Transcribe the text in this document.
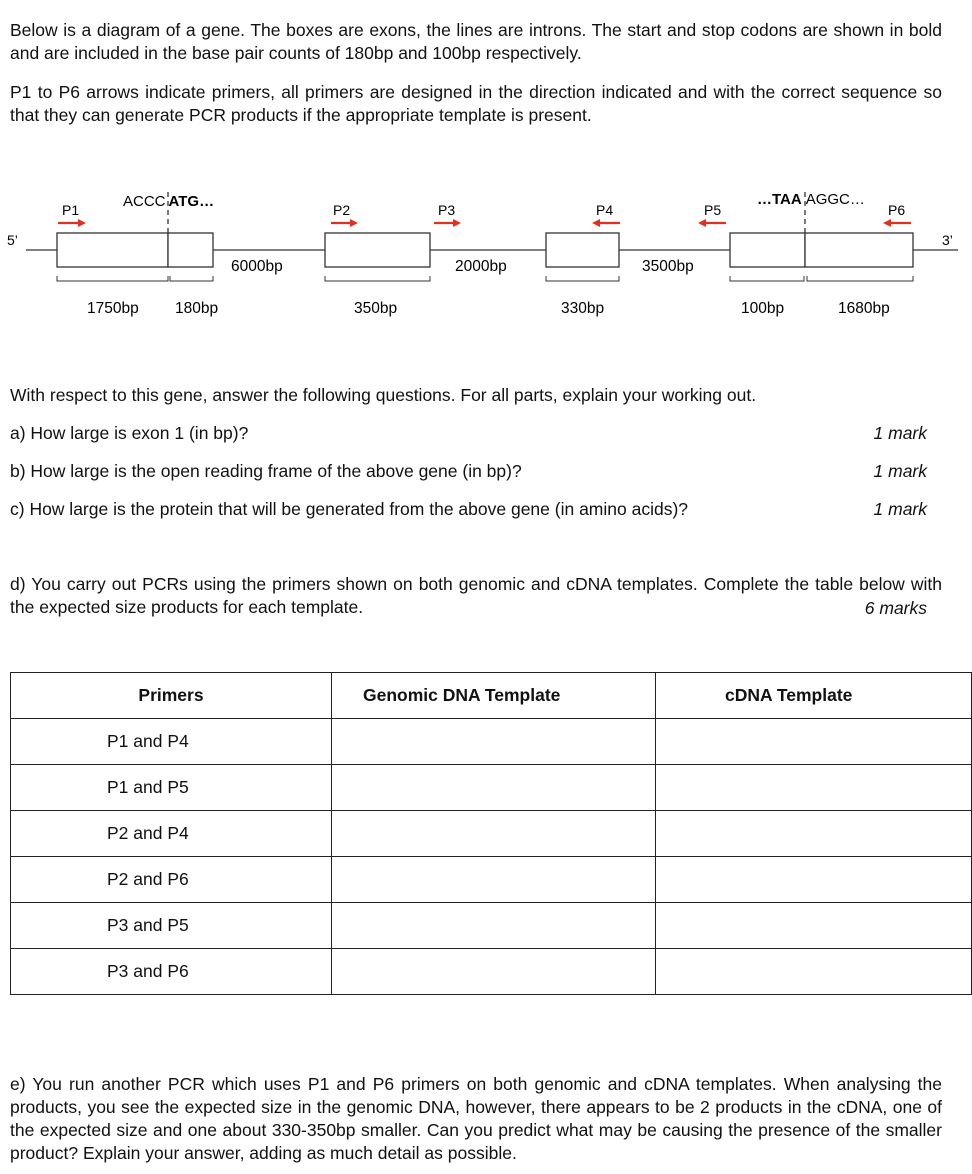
Below is a diagram of a gene. The boxes are exons, the lines are introns. The start and stop codons are shown in bold and are included in the base pair counts of 180bp and 100bp respectively.
P1 to P6 arrows indicate primers, all primers are designed in the direction indicated and with the correct sequence so that they can generate PCR products if the appropriate template is present.
P1	P2	P3	P4	P5	P6
ACCC ATG…	…TAA AGGC…
5’	3’
6000bp	2000bp	3500bp
1750bp 180bp	350bp	330bp	100bp	1680bp
With respect to this gene, answer the following questions. For all parts, explain your working out.
a) How large is exon 1 (in bp)?	1 mark
b) How large is the open reading frame of the above gene (in bp)?	1 mark
c) How large is the protein that will be generated from the above gene (in amino acids)?	1 mark
d) You carry out PCRs using the primers shown on both genomic and cDNA templates. Complete the table below with the expected size products for each template.	6 marks
Primers	Genomic DNA Template	cDNA Template
P1 and P4		
P1 and P5		
P2 and P4		
P2 and P6		
P3 and P5		
P3 and P6		
e) You run another PCR which uses P1 and P6 primers on both genomic and cDNA templates. When analysing the products, you see the expected size in the genomic DNA, however, there appears to be 2 products in the cDNA, one of the expected size and one about 330-350bp smaller. Can you predict what may be causing the presence of the smaller product? Explain your answer, adding as much detail as possible.
